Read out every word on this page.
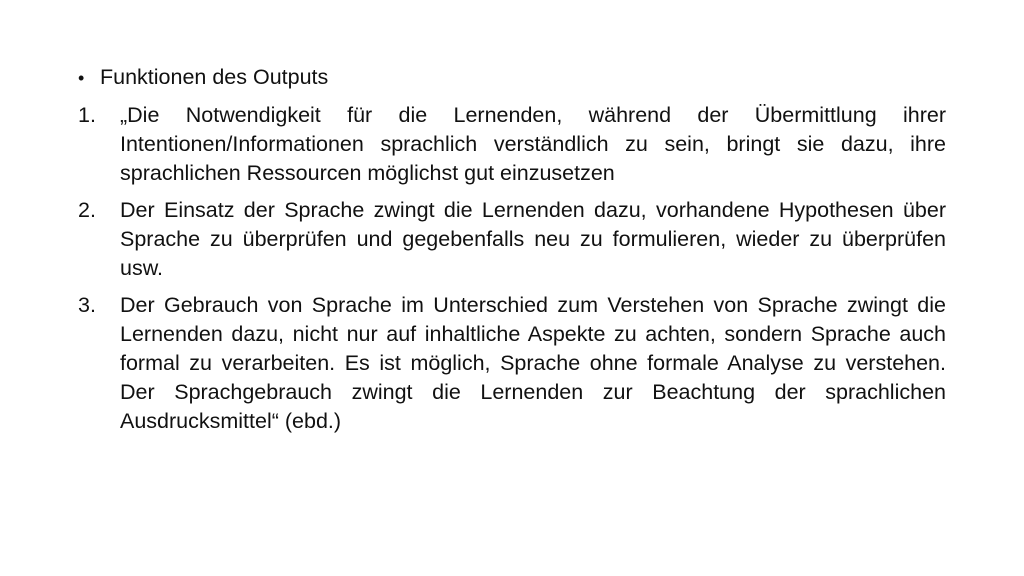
• Funktionen des Outputs
1.	„Die Notwendigkeit für die Lernenden, während der Übermittlung ihrer Intentionen/Informationen sprachlich verständlich zu sein, bringt sie dazu, ihre sprachlichen Ressourcen möglichst gut einzusetzen
2.	Der Einsatz der Sprache zwingt die Lernenden dazu, vorhandene Hypothesen über Sprache zu überprüfen und gegebenfalls neu zu formulieren, wieder zu überprüfen usw.
3.	Der Gebrauch von Sprache im Unterschied zum Verstehen von Sprache zwingt die Lernenden dazu, nicht nur auf inhaltliche Aspekte zu achten, sondern Sprache auch formal zu verarbeiten. Es ist möglich, Sprache ohne formale Analyse zu verstehen. Der Sprachgebrauch zwingt die Lernenden zur Beachtung der sprachlichen Ausdrucksmittel“ (ebd.)
